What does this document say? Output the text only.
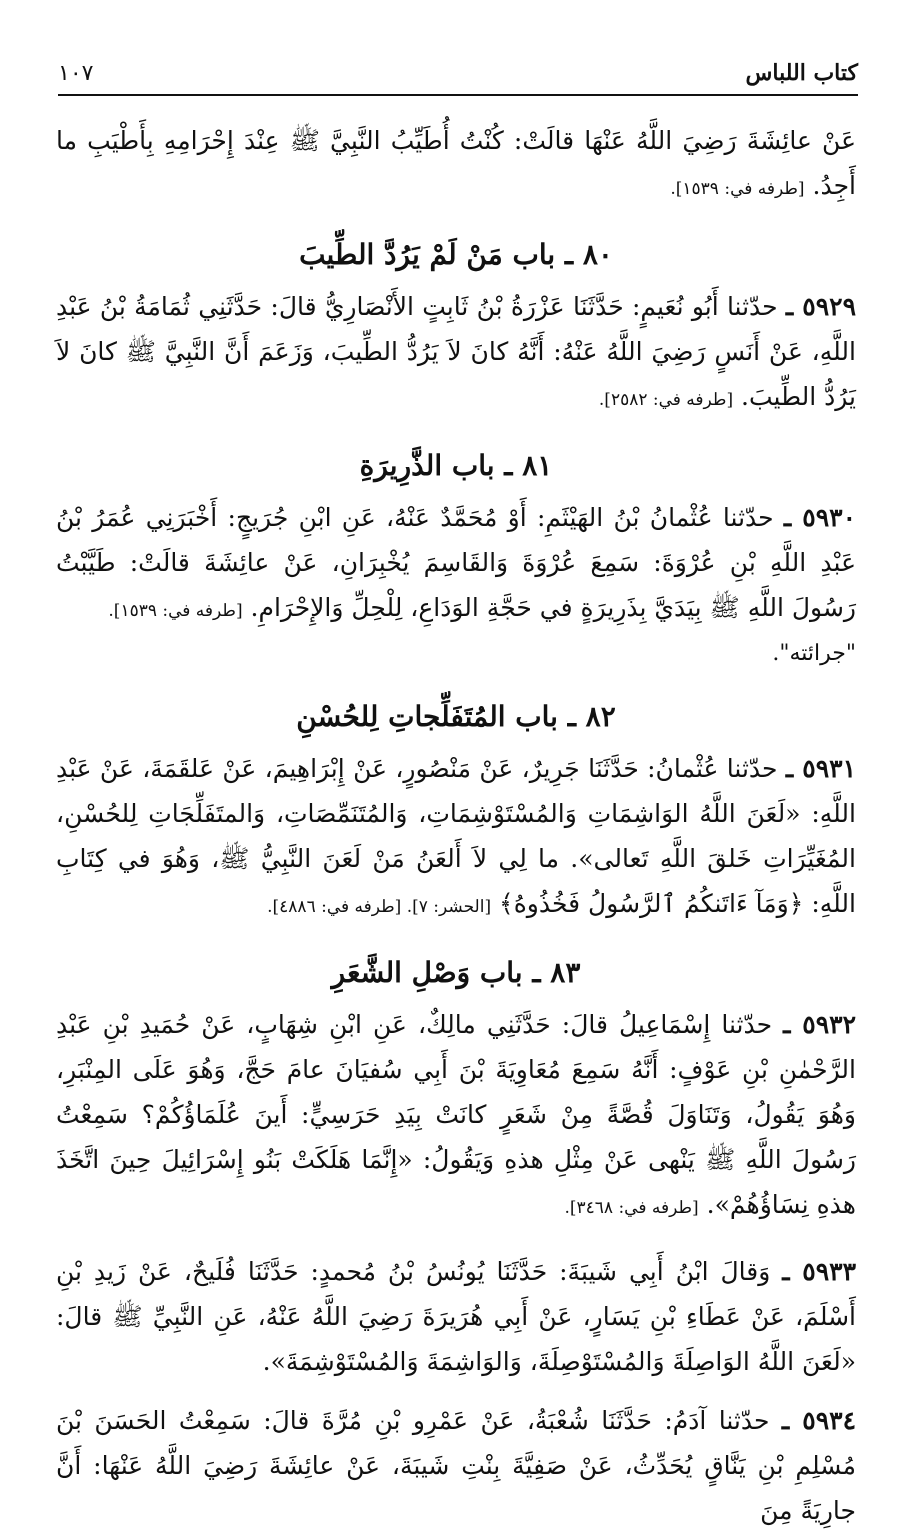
كتاب اللباس
١٠٧

عَنْ عائِشَةَ رَضِيَ اللَّهُ عَنْهَا قالَتْ: كُنْتُ أُطَيِّبُ النَّبِيَّ ﷺ عِنْدَ إِحْرَامِهِ بِأَطْيَبِ ما أَجِدُ. [طرفه في: ١٥٣٩].

٨٠ ـ باب مَنْ لَمْ يَرُدَّ الطِّيبَ

٥٩٢٩ ـ حدّثنا أَبُو نُعَيمٍ: حَدَّثَنَا عَزْرَةُ بْنُ ثَابِتٍ الأَنْصَارِيُّ قالَ: حَدَّثَنِي ثُمَامَةُ بْنُ عَبْدِ اللَّهِ، عَنْ أَنَسٍ رَضِيَ اللَّهُ عَنْهُ: أَنَّهُ كانَ لاَ يَرُدُّ الطِّيبَ، وَزَعَمَ أَنَّ النَّبِيَّ ﷺ كانَ لاَ يَرُدُّ الطِّيبَ. [طرفه في: ٢٥٨٢].

٨١ ـ باب الذَّرِيرَةِ

٥٩٣٠ ـ حدّثنا عُثْمانُ بْنُ الهَيْثَمِ: أَوْ مُحَمَّدٌ عَنْهُ، عَنِ ابْنِ جُرَيجٍ: أَخْبَرَنِي عُمَرُ بْنُ عَبْدِ اللَّهِ بْنِ عُرْوَةَ: سَمِعَ عُرْوَةَ وَالقَاسِمَ يُخْبِرَانِ، عَنْ عائِشَةَ قالَتْ: طَيَّبْتُ رَسُولَ اللَّهِ ﷺ بِيَدَيَّ بِذَرِيرَةٍ في حَجَّةِ الوَدَاعِ، لِلْحِلِّ وَالإِحْرَامِ. [طرفه في: ١٥٣٩].

"جرائته".

٨٢ ـ باب المُتَفَلِّجاتِ لِلحُسْنِ

٥٩٣١ ـ حدّثنا عُثْمانُ: حَدَّثَنَا جَرِيرٌ، عَنْ مَنْصُورٍ، عَنْ إِبْرَاهِيمَ، عَنْ عَلقَمَةَ، عَنْ عَبْدِ اللَّهِ: «لَعَنَ اللَّهُ الوَاشِمَاتِ وَالمُسْتَوْشِمَاتِ، وَالمُتَنَمِّصَاتِ، وَالمتَفَلِّجَاتِ لِلحُسْنِ، المُغَيِّرَاتِ خَلقَ اللَّهِ تَعالى». ما لِي لاَ أَلعَنُ مَنْ لَعَنَ النَّبِيُّ ﷺ، وَهُوَ في كِتَابِ اللَّهِ: ﴿وَمَآ ءَاتَنكُمُ ٱلرَّسُولُ فَخُذُوهُ﴾ [الحشر: ٧]. [طرفه في: ٤٨٨٦].

٨٣ ـ باب وَصْلِ الشَّعَرِ

٥٩٣٢ ـ حدّثنا إِسْمَاعِيلُ قالَ: حَدَّثَنِي مالِكٌ، عَنِ ابْنِ شِهَابٍ، عَنْ حُمَيدِ بْنِ عَبْدِ الرَّحْمٰنِ بْنِ عَوْفٍ: أَنَّهُ سَمِعَ مُعَاوِيَةَ بْنَ أَبِي سُفيَانَ عامَ حَجَّ، وَهُوَ عَلَى المِنْبَرِ، وَهُوَ يَقُولُ، وَتَنَاوَلَ قُصَّةً مِنْ شَعَرٍ كانَتْ بِيَدِ حَرَسِيٍّ: أَينَ عُلَمَاؤُكُمْ؟ سَمِعْتُ رَسُولَ اللَّهِ ﷺ يَنْهى عَنْ مِثْلِ هذهِ وَيَقُولُ: «إِنَّمَا هَلَكَتْ بَنُو إِسْرَائِيلَ حِينَ اتَّخَذَ هذهِ نِسَاؤُهُمْ». [طرفه في: ٣٤٦٨].

٥٩٣٣ ـ وَقالَ ابْنُ أَبِي شَيبَةَ: حَدَّثَنَا يُونُسُ بْنُ مُحمدٍ: حَدَّثَنَا فُلَيحٌ، عَنْ زَيدِ بْنِ أَسْلَمَ، عَنْ عَطَاءِ بْنِ يَسَارٍ، عَنْ أَبِي هُرَيرَةَ رَضِيَ اللَّهُ عَنْهُ، عَنِ النَّبِيِّ ﷺ قالَ: «لَعَنَ اللَّهُ الوَاصِلَةَ وَالمُسْتَوْصِلَةَ، وَالوَاشِمَةَ وَالمُسْتَوْشِمَةَ».

٥٩٣٤ ـ حدّثنا آدَمُ: حَدَّثَنَا شُعْبَةُ، عَنْ عَمْرِو بْنِ مُرَّةَ قالَ: سَمِعْتُ الحَسَنَ بْنَ مُسْلِمِ بْنِ يَنَّاقٍ يُحَدِّثُ، عَنْ صَفِيَّةَ بِنْتِ شَيبَةَ، عَنْ عائِشَةَ رَضِيَ اللَّهُ عَنْهَا: أَنَّ جارِيَةً مِنَ
